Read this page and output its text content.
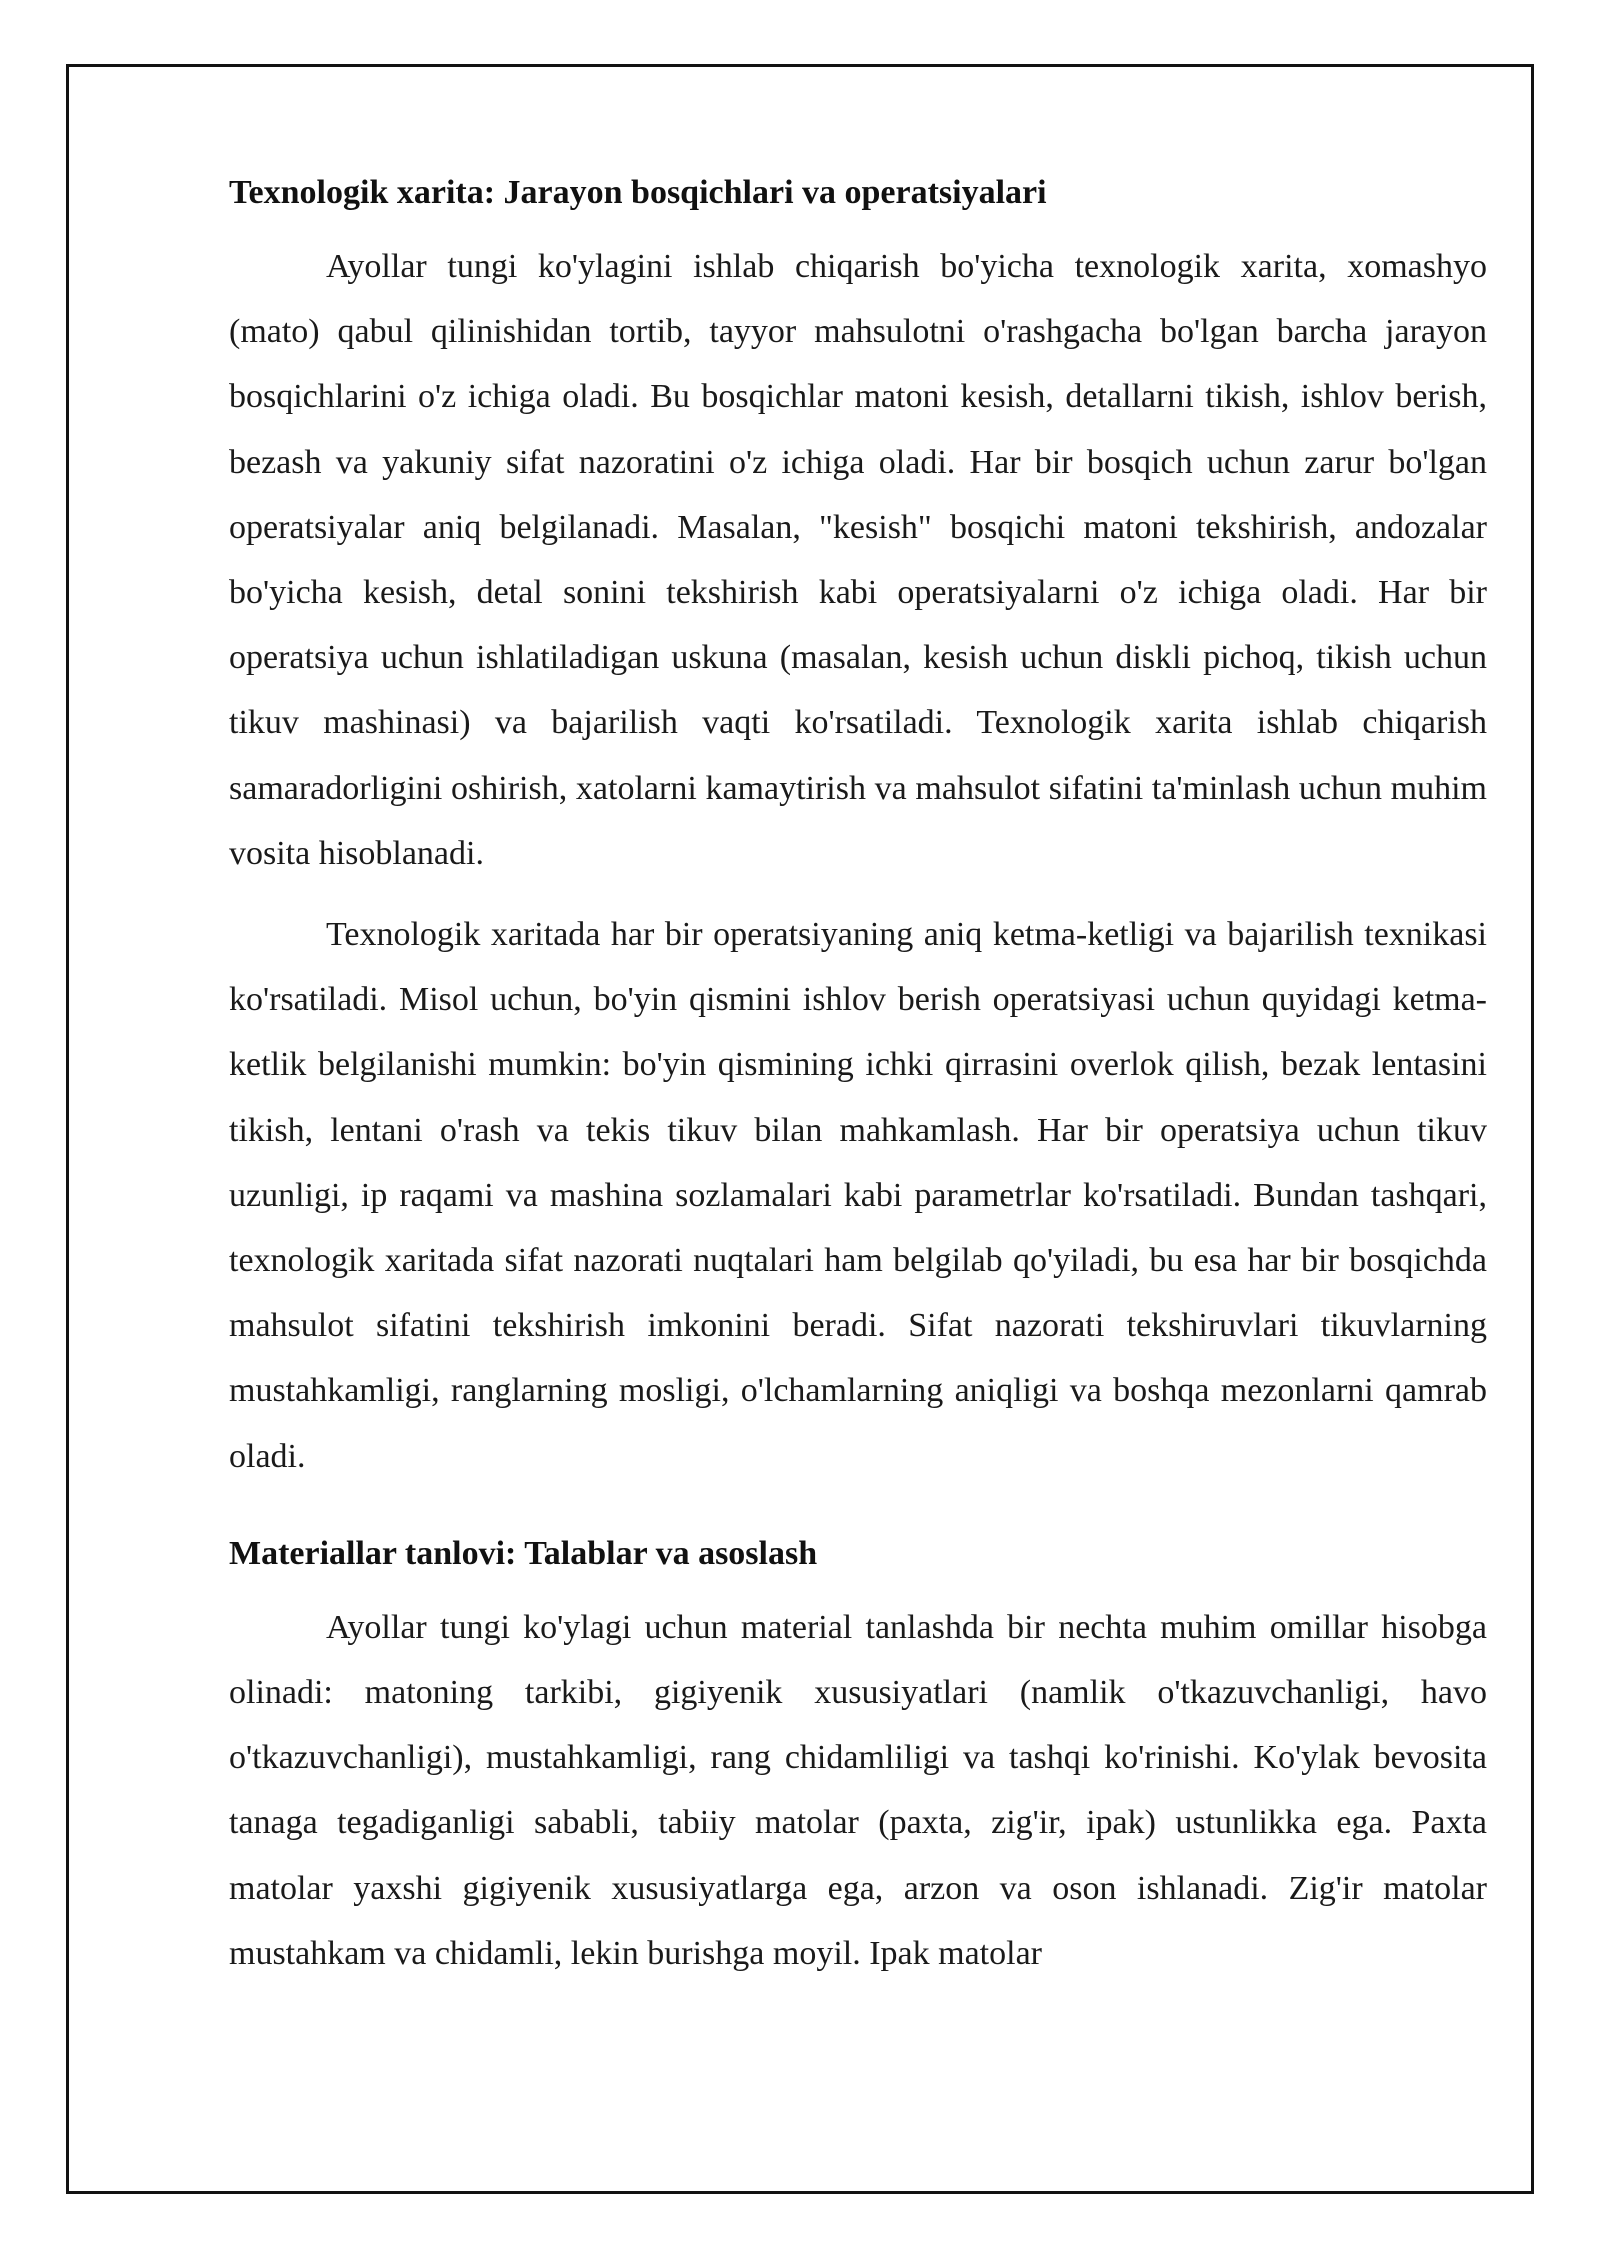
Texnologik xarita: Jarayon bosqichlari va operatsiyalari

Ayollar tungi ko'ylagini ishlab chiqarish bo'yicha texnologik xarita, xomashyo (mato) qabul qilinishidan tortib, tayyor mahsulotni o'rashgacha bo'lgan barcha jarayon bosqichlarini o'z ichiga oladi. Bu bosqichlar matoni kesish, detallarni tikish, ishlov berish, bezash va yakuniy sifat nazoratini o'z ichiga oladi. Har bir bosqich uchun zarur bo'lgan operatsiyalar aniq belgilanadi. Masalan, "kesish" bosqichi matoni tekshirish, andozalar bo'yicha kesish, detal sonini tekshirish kabi operatsiyalarni o'z ichiga oladi. Har bir operatsiya uchun ishlatiladigan uskuna (masalan, kesish uchun diskli pichoq, tikish uchun tikuv mashinasi) va bajarilish vaqti ko'rsatiladi. Texnologik xarita ishlab chiqarish samaradorligini oshirish, xatolarni kamaytirish va mahsulot sifatini ta'minlash uchun muhim vosita hisoblanadi.

Texnologik xaritada har bir operatsiyaning aniq ketma-ketligi va bajarilish texnikasi ko'rsatiladi. Misol uchun, bo'yin qismini ishlov berish operatsiyasi uchun quyidagi ketma-ketlik belgilanishi mumkin: bo'yin qismining ichki qirrasini overlok qilish, bezak lentasini tikish, lentani o'rash va tekis tikuv bilan mahkamlash. Har bir operatsiya uchun tikuv uzunligi, ip raqami va mashina sozlamalari kabi parametrlar ko'rsatiladi. Bundan tashqari, texnologik xaritada sifat nazorati nuqtalari ham belgilab qo'yiladi, bu esa har bir bosqichda mahsulot sifatini tekshirish imkonini beradi. Sifat nazorati tekshiruvlari tikuvlarning mustahkamligi, ranglarning mosligi, o'lchamlarning aniqligi va boshqa mezonlarni qamrab oladi.

Materiallar tanlovi: Talablar va asoslash

Ayollar tungi ko'ylagi uchun material tanlashda bir nechta muhim omillar hisobga olinadi: matoning tarkibi, gigiyenik xususiyatlari (namlik o'tkazuvchanligi, havo o'tkazuvchanligi), mustahkamligi, rang chidamliligi va tashqi ko'rinishi. Ko'ylak bevosita tanaga tegadiganligi sababli, tabiiy matolar (paxta, zig'ir, ipak) ustunlikka ega. Paxta matolar yaxshi gigiyenik xususiyatlarga ega, arzon va oson ishlanadi. Zig'ir matolar mustahkam va chidamli, lekin burishga moyil. Ipak matolar
